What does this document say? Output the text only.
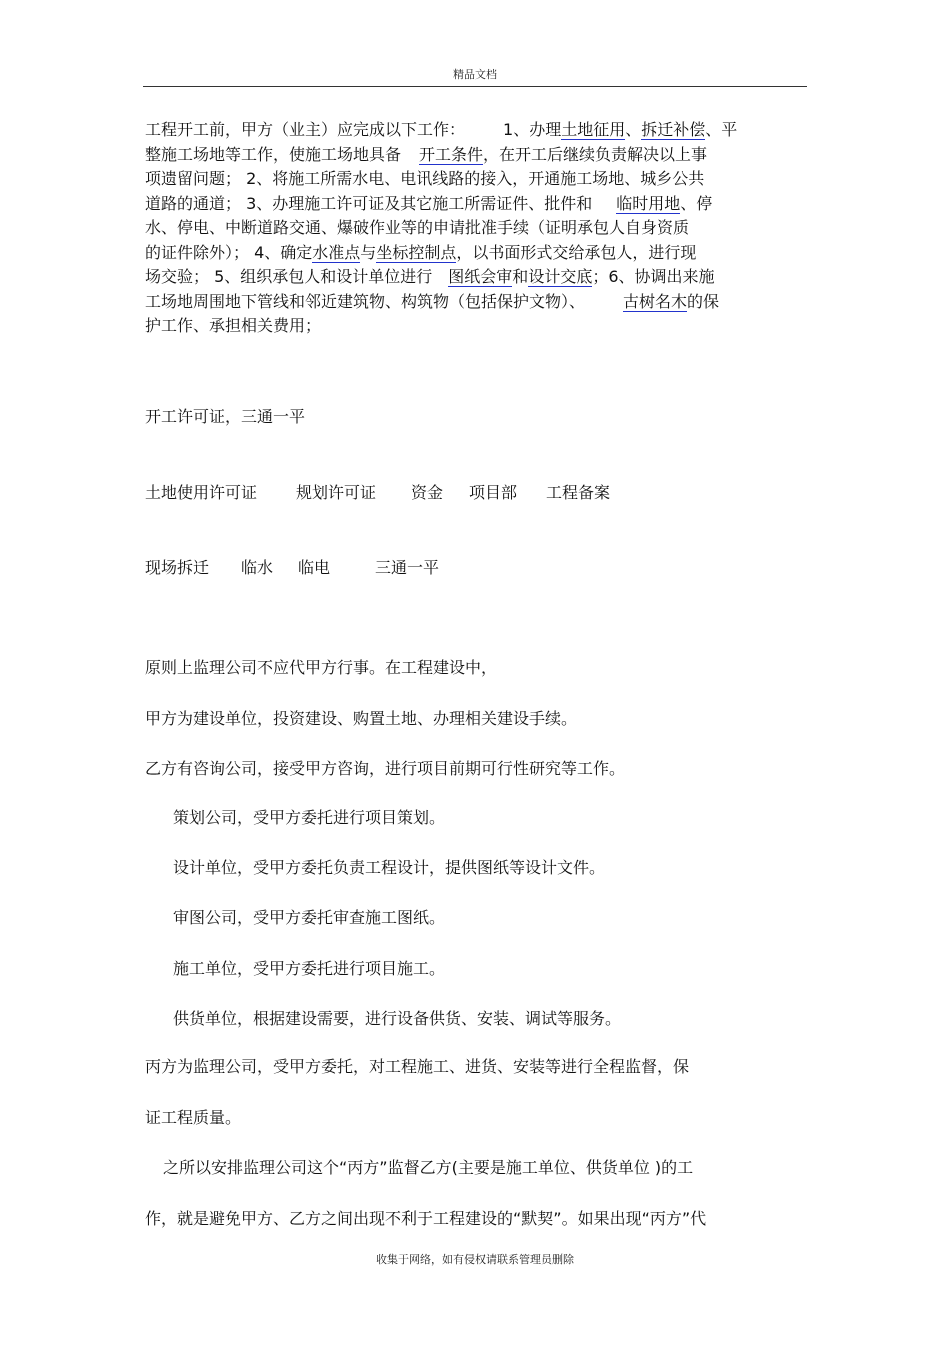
精品文档
工程开工前，甲方（业主）应完成以下工作： 1、办理土地征用、拆迁补偿、平
整施工场地等工作，使施工场地具备 开工条件，在开工后继续负责解决以上事
项遗留问题； 2、将施工所需水电、电讯线路的接入，开通施工场地、城乡公共
道路的通道； 3、办理施工许可证及其它施工所需证件、批件和 临时用地、停
水、停电、中断道路交通、爆破作业等的申请批准手续（证明承包人自身资质
的证件除外）； 4、确定水准点与坐标控制点，以书面形式交给承包人，进行现
场交验； 5、组织承包人和设计单位进行 图纸会审和设计交底；6、协调出来施
工场地周围地下管线和邻近建筑物、构筑物（包括保护文物）、 古树名木的保
护工作、承担相关费用；
开工许可证，三通一平
土地使用许可证 规划许可证 资金 项目部 工程备案
现场拆迁 临水 临电	三通一平
原则上监理公司不应代甲方行事。在工程建设中，
甲方为建设单位，投资建设、购置土地、办理相关建设手续。
乙方有咨询公司，接受甲方咨询，进行项目前期可行性研究等工作。
策划公司，受甲方委托进行项目策划。
设计单位，受甲方委托负责工程设计，提供图纸等设计文件。
审图公司，受甲方委托审查施工图纸。
施工单位，受甲方委托进行项目施工。
供货单位，根据建设需要，进行设备供货、安装、调试等服务。
丙方为监理公司，受甲方委托，对工程施工、进货、安装等进行全程监督，保
证工程质量。
之所以安排监理公司这个“丙方”监督乙方(主要是施工单位、供货单位 )的工
作，就是避免甲方、乙方之间出现不利于工程建设的“默契”。如果出现“丙方”代
收集于网络，如有侵权请联系管理员删除
